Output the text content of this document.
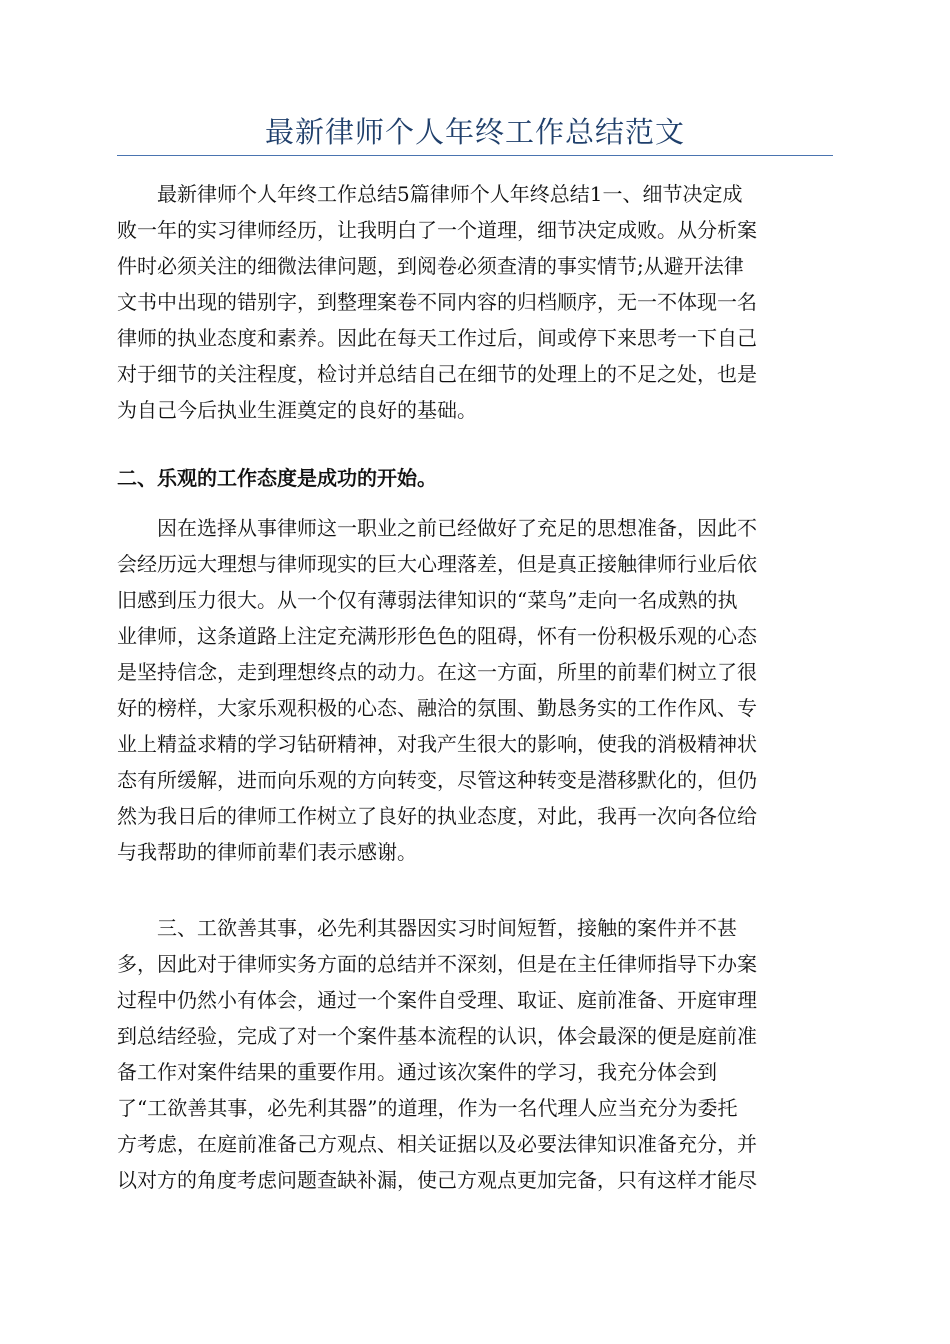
最新律师个人年终工作总结范文
最新律师个人年终工作总结5篇律师个人年终总结1一、细节决定成
败一年的实习律师经历，让我明白了一个道理，细节决定成败。从分析案
件时必须关注的细微法律问题，到阅卷必须查清的事实情节;从避开法律
文书中出现的错别字，到整理案卷不同内容的归档顺序，无一不体现一名
律师的执业态度和素养。因此在每天工作过后，间或停下来思考一下自己
对于细节的关注程度，检讨并总结自己在细节的处理上的不足之处，也是
为自己今后执业生涯奠定的良好的基础。
二、乐观的工作态度是成功的开始。
因在选择从事律师这一职业之前已经做好了充足的思想准备，因此不
会经历远大理想与律师现实的巨大心理落差，但是真正接触律师行业后依
旧感到压力很大。从一个仅有薄弱法律知识的“菜鸟”走向一名成熟的执
业律师，这条道路上注定充满形形色色的阻碍，怀有一份积极乐观的心态
是坚持信念，走到理想终点的动力。在这一方面，所里的前辈们树立了很
好的榜样，大家乐观积极的心态、融洽的氛围、勤恳务实的工作作风、专
业上精益求精的学习钻研精神，对我产生很大的影响，使我的消极精神状
态有所缓解，进而向乐观的方向转变，尽管这种转变是潜移默化的，但仍
然为我日后的律师工作树立了良好的执业态度，对此，我再一次向各位给
与我帮助的律师前辈们表示感谢。
三、工欲善其事，必先利其器因实习时间短暂，接触的案件并不甚
多，因此对于律师实务方面的总结并不深刻，但是在主任律师指导下办案
过程中仍然小有体会，通过一个案件自受理、取证、庭前准备、开庭审理
到总结经验，完成了对一个案件基本流程的认识，体会最深的便是庭前准
备工作对案件结果的重要作用。通过该次案件的学习，我充分体会到
了“工欲善其事，必先利其器”的道理，作为一名代理人应当充分为委托
方考虑，在庭前准备己方观点、相关证据以及必要法律知识准备充分，并
以对方的角度考虑问题查缺补漏，使己方观点更加完备，只有这样才能尽
